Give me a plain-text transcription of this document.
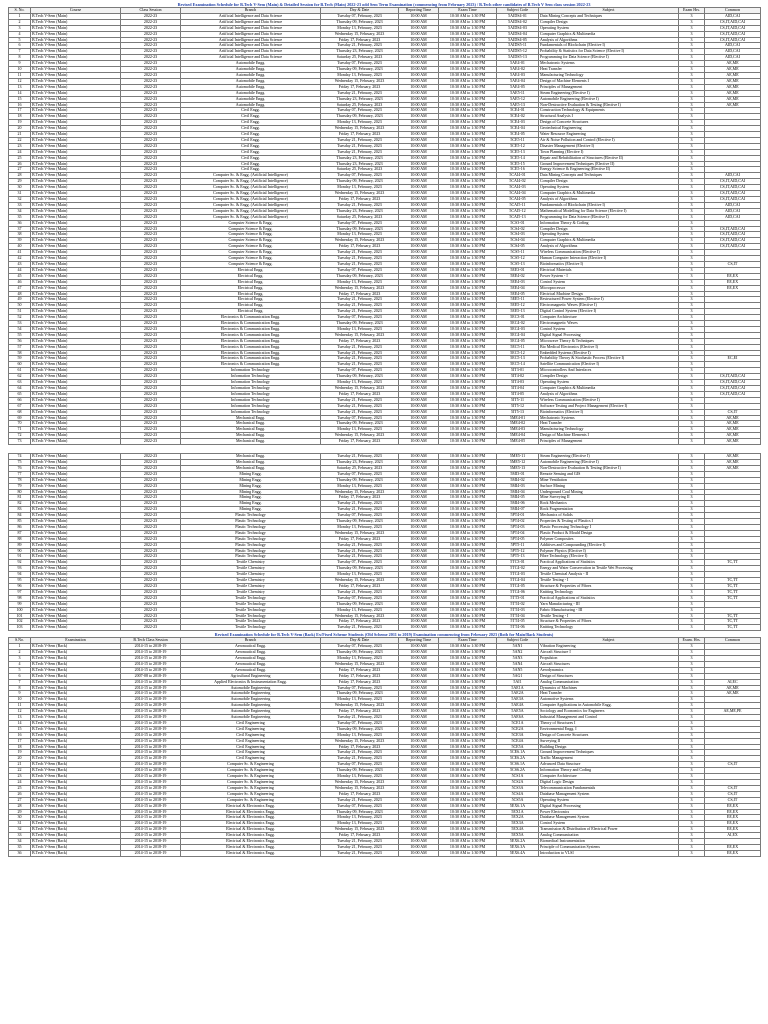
Revised Examination Schedule for B.Tech V-Sem (Main) & Detailed Session for B.Tech (Main) 2022-23 odd Sem Term Examination (commencing from February 2023) / B.Tech other candidates of B.Tech V Sem class session 2022-23
S. No.	Course	Class Session	Branch	Day & Date	Reporting Time	Exam Time	Subject Code	Subject	Exam Hrs.	Common
1	B.Tech V-Sem (Main)	2022-23	Artificial Intelligence and Data Science	Tuesday 07, February, 2023	10:00 AM	10:30 AM to 1:30 PM	5AIDS4-01	Data Mining Concepts and Techniques	3	AID,CAI
2	B.Tech V-Sem (Main)	2022-23	Artificial Intelligence and Data Science	Thursday 09, February, 2023	10:00 AM	10:30 AM to 1:30 PM	5AIDS4-02	Compiler Design	3	CS,IT,AID,CAI
3	B.Tech V-Sem (Main)	2022-23	Artificial Intelligence and Data Science	Monday 13, February, 2023	10:00 AM	10:30 AM to 1:30 PM	5AIDS4-03	Operating System	3	CS,IT,AID,CAI
4	B.Tech V-Sem (Main)	2022-23	Artificial Intelligence and Data Science	Wednesday 15, February, 2023	10:00 AM	10:30 AM to 1:30 PM	5AIDS4-04	Computer Graphics & Multimedia	3	CS,IT,AID,CAI
5	B.Tech V-Sem (Main)	2022-23	Artificial Intelligence and Data Science	Friday 17, February, 2023	10:00 AM	10:30 AM to 1:30 PM	5AIDS4-05	Analysis of Algorithms	3	CS,IT,AID,CAI
6	B.Tech V-Sem (Main)	2022-23	Artificial Intelligence and Data Science	Tuesday 21, February, 2023	10:00 AM	10:30 AM to 1:30 PM	5AIDS5-11	Fundamentals of Blockchain (Elective I)	3	AID,CAI
7	B.Tech V-Sem (Main)	2022-23	Artificial Intelligence and Data Science	Thursday 23, February, 2023	10:00 AM	10:30 AM to 1:30 PM	5AIDS5-12	Probability & Statistics for Data Science (Elective I)	3	AID,CAI
8	B.Tech V-Sem (Main)	2022-23	Artificial Intelligence and Data Science	Saturday 25, February, 2023	10:00 AM	10:30 AM to 1:30 PM	5AIDS5-13	Programming for Data Science (Elective I)	3	AID,CAI
9	B.Tech V-Sem (Main)	2022-23	Automobile Engg.	Tuesday 07, February, 2023	10:00 AM	10:30 AM to 1:30 PM	5AE4-01	Mechatronic Systems	3	AE,ME
10	B.Tech V-Sem (Main)	2022-23	Automobile Engg.	Thursday 09, February, 2023	10:00 AM	10:30 AM to 1:30 PM	5AE4-02	Heat Transfer	3	AE,ME
11	B.Tech V-Sem (Main)	2022-23	Automobile Engg.	Monday 13, February, 2023	10:00 AM	10:30 AM to 1:30 PM	5AE4-03	Manufacturing Technology	3	AE,ME
12	B.Tech V-Sem (Main)	2022-23	Automobile Engg.	Wednesday 15, February, 2023	10:00 AM	10:30 AM to 1:30 PM	5AE4-04	Design of Machine Elements I	3	AE,ME
13	B.Tech V-Sem (Main)	2022-23	Automobile Engg.	Friday 17, February, 2023	10:00 AM	10:30 AM to 1:30 PM	5AE4-05	Principles of Management	3	AE,ME
14	B.Tech V-Sem (Main)	2022-23	Automobile Engg.	Tuesday 21, February, 2023	10:00 AM	10:30 AM to 1:30 PM	5AE5-11	Steam Engineering (Elective I)	3	AE,ME
15	B.Tech V-Sem (Main)	2022-23	Automobile Engg.	Thursday 23, February, 2023	10:00 AM	10:30 AM to 1:30 PM	5AE5-12	Automobile Engineering (Elective I)	3	AE,ME
16	B.Tech V-Sem (Main)	2022-23	Automobile Engg.	Saturday 25, February, 2023	10:00 AM	10:30 AM to 1:30 PM	5AE5-13	Non-Destructive Evaluation & Testing (Elective I)	3	AE,ME
17	B.Tech V-Sem (Main)	2022-23	Civil Engg.	Tuesday 07, February, 2023	10:00 AM	10:30 AM to 1:30 PM	5CE4-01	Construction Technology & Equipments	3	
18	B.Tech V-Sem (Main)	2022-23	Civil Engg.	Thursday 09, February, 2023	10:00 AM	10:30 AM to 1:30 PM	5CE4-02	Structural Analysis I	3	
19	B.Tech V-Sem (Main)	2022-23	Civil Engg.	Monday 13, February, 2023	10:00 AM	10:30 AM to 1:30 PM	5CE4-03	Design of Concrete Structures	3	
20	B.Tech V-Sem (Main)	2022-23	Civil Engg.	Wednesday 15, February, 2023	10:00 AM	10:30 AM to 1:30 PM	5CE4-04	Geotechnical Engineering	3	
21	B.Tech V-Sem (Main)	2022-23	Civil Engg.	Friday 17, February, 2023	10:00 AM	10:30 AM to 1:30 PM	5CE4-05	Water Resource Engineering	3	
22	B.Tech V-Sem (Main)	2022-23	Civil Engg.	Tuesday 21, February, 2023	10:00 AM	10:30 AM to 1:30 PM	5CE5-11	Air & Noise Pollution and Control (Elective I)	3	
23	B.Tech V-Sem (Main)	2022-23	Civil Engg.	Tuesday 21, February, 2023	10:00 AM	10:30 AM to 1:30 PM	5CE5-12	Disaster Management (Elective I)	3	
24	B.Tech V-Sem (Main)	2022-23	Civil Engg.	Tuesday 21, February, 2023	10:00 AM	10:30 AM to 1:30 PM	5CE5-13	Town Planning (Elective I)	3	
25	B.Tech V-Sem (Main)	2022-23	Civil Engg.	Thursday 23, February, 2023	10:00 AM	10:30 AM to 1:30 PM	5CE5-14	Repair and Rehabilitation of Structures (Elective II)	3	
26	B.Tech V-Sem (Main)	2022-23	Civil Engg.	Thursday 23, February, 2023	10:00 AM	10:30 AM to 1:30 PM	5CE5-15	Ground Improvement Techniques (Elective II)	3	
27	B.Tech V-Sem (Main)	2022-23	Civil Engg.	Saturday 25, February, 2023	10:00 AM	10:30 AM to 1:30 PM	5CE5-16	Energy Science & Engineering (Elective II)	3	
28	B.Tech V-Sem (Main)	2022-23	Computer Sc. & Engg. (Artificial Intelligence)	Tuesday 07, February, 2023	10:00 AM	10:30 AM to 1:30 PM	5CAI4-01	Data Mining Concepts and Techniques	3	AID,CAI
29	B.Tech V-Sem (Main)	2022-23	Computer Sc. & Engg. (Artificial Intelligence)	Thursday 09, February, 2023	10:00 AM	10:30 AM to 1:30 PM	5CAI4-02	Compiler Design	3	CS,IT,AID,CAI
30	B.Tech V-Sem (Main)	2022-23	Computer Sc. & Engg. (Artificial Intelligence)	Monday 13, February, 2023	10:00 AM	10:30 AM to 1:30 PM	5CAI4-03	Operating System	3	CS,IT,AID,CAI
31	B.Tech V-Sem (Main)	2022-23	Computer Sc. & Engg. (Artificial Intelligence)	Wednesday 15, February, 2023	10:00 AM	10:30 AM to 1:30 PM	5CAI4-04	Computer Graphics & Multimedia	3	CS,IT,AID,CAI
32	B.Tech V-Sem (Main)	2022-23	Computer Sc. & Engg. (Artificial Intelligence)	Friday 17, February, 2023	10:00 AM	10:30 AM to 1:30 PM	5CAI4-05	Analysis of Algorithms	3	CS,IT,AID,CAI
33	B.Tech V-Sem (Main)	2022-23	Computer Sc. & Engg. (Artificial Intelligence)	Tuesday 21, February, 2023	10:00 AM	10:30 AM to 1:30 PM	5CAI5-11	Fundamentals of Blockchain (Elective I)	3	AID,CAI
34	B.Tech V-Sem (Main)	2022-23	Computer Sc. & Engg. (Artificial Intelligence)	Thursday 23, February, 2023	10:00 AM	10:30 AM to 1:30 PM	5CAI5-12	Mathematical Modelling for Data Science (Elective I)	3	AID,CAI
35	B.Tech V-Sem (Main)	2022-23	Computer Sc. & Engg. (Artificial Intelligence)	Saturday 25, February, 2023	10:00 AM	10:30 AM to 1:30 PM	5CAI5-13	Programming for Data Science (Elective I)	3	AID,CAI
36	B.Tech V-Sem (Main)	2022-23	Computer Science & Engg.	Tuesday 07, February, 2023	10:00 AM	10:30 AM to 1:30 PM	5CS3-01	Information Theory & Coding	3	
37	B.Tech V-Sem (Main)	2022-23	Computer Science & Engg.	Thursday 09, February, 2023	10:00 AM	10:30 AM to 1:30 PM	5CS4-02	Compiler Design	3	CS,IT,AID,CAI
38	B.Tech V-Sem (Main)	2022-23	Computer Science & Engg.	Monday 13, February, 2023	10:00 AM	10:30 AM to 1:30 PM	5CS4-03	Operating System	3	CS,IT,AID,CAI
39	B.Tech V-Sem (Main)	2022-23	Computer Science & Engg.	Wednesday 15, February, 2023	10:00 AM	10:30 AM to 1:30 PM	5CS4-04	Computer Graphics & Multimedia	3	CS,IT,AID,CAI
40	B.Tech V-Sem (Main)	2022-23	Computer Science & Engg.	Friday 17, February, 2023	10:00 AM	10:30 AM to 1:30 PM	5CS4-05	Analysis of Algorithms	3	CS,IT,AID,CAI
41	B.Tech V-Sem (Main)	2022-23	Computer Science & Engg.	Tuesday 21, February, 2023	10:00 AM	10:30 AM to 1:30 PM	5CS5-11	Wireless Communication (Elective I)	3	
42	B.Tech V-Sem (Main)	2022-23	Computer Science & Engg.	Tuesday 21, February, 2023	10:00 AM	10:30 AM to 1:30 PM	5CS5-12	Human Computer Interaction (Elective I)	3	
43	B.Tech V-Sem (Main)	2022-23	Computer Science & Engg.	Tuesday 21, February, 2023	10:00 AM	10:30 AM to 1:30 PM	5CS5-13	Bioinformatics (Elective I)	3	CS,IT
44	B.Tech V-Sem (Main)	2022-23	Electrical Engg.	Tuesday 07, February, 2023	10:00 AM	10:30 AM to 1:30 PM	5EE3-01	Electrical Materials	3	
45	B.Tech V-Sem (Main)	2022-23	Electrical Engg.	Thursday 09, February, 2023	10:00 AM	10:30 AM to 1:30 PM	5EE4-02	Power System - I	3	EE,EX
46	B.Tech V-Sem (Main)	2022-23	Electrical Engg.	Monday 13, February, 2023	10:00 AM	10:30 AM to 1:30 PM	5EE4-03	Control System	3	EE,EX
47	B.Tech V-Sem (Main)	2022-23	Electrical Engg.	Wednesday 15, February, 2023	10:00 AM	10:30 AM to 1:30 PM	5EE4-04	Microprocessor	3	EE,EX
48	B.Tech V-Sem (Main)	2022-23	Electrical Engg.	Friday 17, February, 2023	10:00 AM	10:30 AM to 1:30 PM	5EE4-05	Electrical Machine Design	3	
49	B.Tech V-Sem (Main)	2022-23	Electrical Engg.	Tuesday 21, February, 2023	10:00 AM	10:30 AM to 1:30 PM	5EE5-11	Restructured Power System (Elective I)	3	
50	B.Tech V-Sem (Main)	2022-23	Electrical Engg.	Tuesday 21, February, 2023	10:00 AM	10:30 AM to 1:30 PM	5EE5-12	Electromagnetic Waves (Elective I)	3	
51	B.Tech V-Sem (Main)	2022-23	Electrical Engg.	Tuesday 21, February, 2023	10:00 AM	10:30 AM to 1:30 PM	5EE5-13	Digital Control System (Elective I)	3	
52	B.Tech V-Sem (Main)	2022-23	Electronics & Communication Engg.	Tuesday 07, February, 2023	10:00 AM	10:30 AM to 1:30 PM	5EC3-01	Computer Architecture	3	
53	B.Tech V-Sem (Main)	2022-23	Electronics & Communication Engg.	Thursday 09, February, 2023	10:00 AM	10:30 AM to 1:30 PM	5EC4-02	Electromagnetic Waves	3	
54	B.Tech V-Sem (Main)	2022-23	Electronics & Communication Engg.	Monday 13, February, 2023	10:00 AM	10:30 AM to 1:30 PM	5EC4-03	Control System	3	
55	B.Tech V-Sem (Main)	2022-23	Electronics & Communication Engg.	Wednesday 15, February, 2023	10:00 AM	10:30 AM to 1:30 PM	5EC4-04	Digital Signal Processing	3	
56	B.Tech V-Sem (Main)	2022-23	Electronics & Communication Engg.	Friday 17, February, 2023	10:00 AM	10:30 AM to 1:30 PM	5EC4-05	Microwave Theory & Techniques	3	
57	B.Tech V-Sem (Main)	2022-23	Electronics & Communication Engg.	Tuesday 21, February, 2023	10:00 AM	10:30 AM to 1:30 PM	5EC5-11	Bio Medical Electronics (Elective I)	3	
58	B.Tech V-Sem (Main)	2022-23	Electronics & Communication Engg.	Tuesday 21, February, 2023	10:00 AM	10:30 AM to 1:30 PM	5EC5-12	Embedded Systems (Elective I)	3	
59	B.Tech V-Sem (Main)	2022-23	Electronics & Communication Engg.	Tuesday 21, February, 2023	10:00 AM	10:30 AM to 1:30 PM	5EC5-13	Probability Theory & Stochastic Process (Elective I)	3	EC,EI
60	B.Tech V-Sem (Main)	2022-23	Electronics & Communication Engg.	Tuesday 21, February, 2023	10:00 AM	10:30 AM to 1:30 PM	5EC5-14	Satellite Communication (Elective I)	3	
61	B.Tech V-Sem (Main)	2022-23	Information Technology	Tuesday 07, February, 2023	10:00 AM	10:30 AM to 1:30 PM	5IT3-01	Microcontrollers And Interfaces	3	
62	B.Tech V-Sem (Main)	2022-23	Information Technology	Thursday 09, February, 2023	10:00 AM	10:30 AM to 1:30 PM	5IT4-02	Compiler Design	3	CS,IT,AID,CAI
63	B.Tech V-Sem (Main)	2022-23	Information Technology	Monday 13, February, 2023	10:00 AM	10:30 AM to 1:30 PM	5IT4-03	Operating System	3	CS,IT,AID,CAI
64	B.Tech V-Sem (Main)	2022-23	Information Technology	Wednesday 15, February, 2023	10:00 AM	10:30 AM to 1:30 PM	5IT4-04	Computer Graphics & Multimedia	3	CS,IT,AID,CAI
65	B.Tech V-Sem (Main)	2022-23	Information Technology	Friday 17, February, 2023	10:00 AM	10:30 AM to 1:30 PM	5IT4-05	Analysis of Algorithms	3	CS,IT,AID,CAI
66	B.Tech V-Sem (Main)	2022-23	Information Technology	Tuesday 21, February, 2023	10:00 AM	10:30 AM to 1:30 PM	5IT5-11	Wireless Communication (Elective I)	3	
67	B.Tech V-Sem (Main)	2022-23	Information Technology	Tuesday 21, February, 2023	10:00 AM	10:30 AM to 1:30 PM	5IT5-12	Software Testing and Project Management (Elective I)	3	
68	B.Tech V-Sem (Main)	2022-23	Information Technology	Tuesday 21, February, 2023	10:00 AM	10:30 AM to 1:30 PM	5IT5-13	Bioinformatics (Elective I)	3	CS,IT
69	B.Tech V-Sem (Main)	2022-23	Mechanical Engg.	Tuesday 07, February, 2023	10:00 AM	10:30 AM to 1:30 PM	5ME4-01	Mechatronic Systems	3	AE,ME
70	B.Tech V-Sem (Main)	2022-23	Mechanical Engg.	Thursday 09, February, 2023	10:00 AM	10:30 AM to 1:30 PM	5ME4-02	Heat Transfer	3	AE,ME
71	B.Tech V-Sem (Main)	2022-23	Mechanical Engg.	Monday 13, February, 2023	10:00 AM	10:30 AM to 1:30 PM	5ME4-03	Manufacturing Technology	3	AE,ME
72	B.Tech V-Sem (Main)	2022-23	Mechanical Engg.	Wednesday 15, February, 2023	10:00 AM	10:30 AM to 1:30 PM	5ME4-04	Design of Machine Elements I	3	AE,ME
73	B.Tech V-Sem (Main)	2022-23	Mechanical Engg.	Friday 17, February, 2023	10:00 AM	10:30 AM to 1:30 PM	5ME4-05	Principles of Management	3	AE,ME
74	B.Tech V-Sem (Main)	2022-23	Mechanical Engg.	Tuesday 21, February, 2023	10:00 AM	10:30 AM to 1:30 PM	5ME5-11	Steam Engineering (Elective I)	3	AE,ME
75	B.Tech V-Sem (Main)	2022-23	Mechanical Engg.	Thursday 23, February, 2023	10:00 AM	10:30 AM to 1:30 PM	5ME5-12	Automobile Engineering (Elective I)	3	AE,ME
76	B.Tech V-Sem (Main)	2022-23	Mechanical Engg.	Saturday 25, February, 2023	10:00 AM	10:30 AM to 1:30 PM	5ME5-13	Non-Destructive Evaluation & Testing (Elective I)	3	AE,ME
77	B.Tech V-Sem (Main)	2022-23	Mining Engg.	Tuesday 07, February, 2023	10:00 AM	10:30 AM to 1:30 PM	5MI3-01	Remote Sensing and GIS	3	
78	B.Tech V-Sem (Main)	2022-23	Mining Engg.	Thursday 09, February, 2023	10:00 AM	10:30 AM to 1:30 PM	5MI4-02	Mine Ventilation	3	
79	B.Tech V-Sem (Main)	2022-23	Mining Engg.	Monday 13, February, 2023	10:00 AM	10:30 AM to 1:30 PM	5MI4-03	Surface Mining	3	
80	B.Tech V-Sem (Main)	2022-23	Mining Engg.	Wednesday 15, February, 2023	10:00 AM	10:30 AM to 1:30 PM	5MI4-04	Underground Coal Mining	3	
81	B.Tech V-Sem (Main)	2022-23	Mining Engg.	Friday 17, February, 2023	10:00 AM	10:30 AM to 1:30 PM	5MI4-05	Mine Surveying II	3	
82	B.Tech V-Sem (Main)	2022-23	Mining Engg.	Tuesday 21, February, 2023	10:00 AM	10:30 AM to 1:30 PM	5MI4-06	Rock Mechanics	3	
83	B.Tech V-Sem (Main)	2022-23	Mining Engg.	Tuesday 21, February, 2023	10:00 AM	10:30 AM to 1:30 PM	5MI4-07	Rock Fragmentation	3	
84	B.Tech V-Sem (Main)	2022-23	Plastic Technology	Tuesday 07, February, 2023	10:00 AM	10:30 AM to 1:30 PM	5PT4-01	Mechanics of Solids	3	
85	B.Tech V-Sem (Main)	2022-23	Plastic Technology	Thursday 09, February, 2023	10:00 AM	10:30 AM to 1:30 PM	5PT4-02	Properties & Testing of Plastics I	3	
86	B.Tech V-Sem (Main)	2022-23	Plastic Technology	Monday 13, February, 2023	10:00 AM	10:30 AM to 1:30 PM	5PT4-03	Plastic Processing Technology I	3	
87	B.Tech V-Sem (Main)	2022-23	Plastic Technology	Wednesday 15, February, 2023	10:00 AM	10:30 AM to 1:30 PM	5PT4-04	Plastic Product & Mould Design	3	
88	B.Tech V-Sem (Main)	2022-23	Plastic Technology	Friday 17, February, 2023	10:00 AM	10:30 AM to 1:30 PM	5PT4-05	Polymer Composites	3	
89	B.Tech V-Sem (Main)	2022-23	Plastic Technology	Tuesday 21, February, 2023	10:00 AM	10:30 AM to 1:30 PM	5PT5-11	Additives and Compounding (Elective I)	3	
90	B.Tech V-Sem (Main)	2022-23	Plastic Technology	Tuesday 21, February, 2023	10:00 AM	10:30 AM to 1:30 PM	5PT5-12	Polymer Physics (Elective I)	3	
91	B.Tech V-Sem (Main)	2022-23	Plastic Technology	Tuesday 21, February, 2023	10:00 AM	10:30 AM to 1:30 PM	5PT5-13	Fibre Technology (Elective I)	3	
92	B.Tech V-Sem (Main)	2022-23	Textile Chemistry	Tuesday 07, February, 2023	10:00 AM	10:30 AM to 1:30 PM	5TC3-01	Practical Applications of Statistics	3	TC,TT
93	B.Tech V-Sem (Main)	2022-23	Textile Chemistry	Thursday 09, February, 2023	10:00 AM	10:30 AM to 1:30 PM	5TC4-02	Energy and Water Conservation in Textile Wet Processing	3	
94	B.Tech V-Sem (Main)	2022-23	Textile Chemistry	Monday 13, February, 2023	10:00 AM	10:30 AM to 1:30 PM	5TC4-03	Textile Chemical Analysis - II	3	
95	B.Tech V-Sem (Main)	2022-23	Textile Chemistry	Wednesday 15, February, 2023	10:00 AM	10:30 AM to 1:30 PM	5TC4-04	Textile Testing - I	3	TC,TT
96	B.Tech V-Sem (Main)	2022-23	Textile Chemistry	Friday 17, February, 2023	10:00 AM	10:30 AM to 1:30 PM	5TC4-05	Structure & Properties of Fibres	3	TC,TT
97	B.Tech V-Sem (Main)	2022-23	Textile Chemistry	Tuesday 21, February, 2023	10:00 AM	10:30 AM to 1:30 PM	5TC4-06	Knitting Technology	3	TC,TT
98	B.Tech V-Sem (Main)	2022-23	Textile Technology	Tuesday 07, February, 2023	10:00 AM	10:30 AM to 1:30 PM	5TT3-01	Practical Applications of Statistics	3	TC,TT
99	B.Tech V-Sem (Main)	2022-23	Textile Technology	Thursday 09, February, 2023	10:00 AM	10:30 AM to 1:30 PM	5TT4-02	Yarn Manufacturing - III	3	
100	B.Tech V-Sem (Main)	2022-23	Textile Technology	Monday 13, February, 2023	10:00 AM	10:30 AM to 1:30 PM	5TT4-03	Fabric Manufacturing - III	3	
101	B.Tech V-Sem (Main)	2022-23	Textile Technology	Wednesday 15, February, 2023	10:00 AM	10:30 AM to 1:30 PM	5TT4-04	Textile Testing - I	3	TC,TT
102	B.Tech V-Sem (Main)	2022-23	Textile Technology	Friday 17, February, 2023	10:00 AM	10:30 AM to 1:30 PM	5TT4-05	Structure & Properties of Fibres	3	TC,TT
103	B.Tech V-Sem (Main)	2022-23	Textile Technology	Tuesday 21, February, 2023	10:00 AM	10:30 AM to 1:30 PM	5TT4-06	Knitting Technology	3	TC,TT
Revised Examination Schedule for B.Tech V-Sem (Back) Ex/Fixed Scheme Students (Old Scheme 2011 to 2019) Examination commencing from February 2023 (Both for Main/Back Students)
S.No.	Examination	B.Tech Class Session	Branch	Day & Date	Reporting Time	Exam Time	Subject Code	Subject	Exam. Hrs.	Common
1	B.Tech V-Sem (Back)	2014-15 to 2018-19	Aeronautical Engg.	Tuesday 07, February, 2023	10:00 AM	10:30 AM to 1:30 PM	5AN1	Vibration Engineering	3	
2	B.Tech V-Sem (Back)	2014-15 to 2018-19	Aeronautical Engg.	Thursday 09, February, 2023	10:00 AM	10:30 AM to 1:30 PM	5AN2	Aircraft Structure I	3	
3	B.Tech V-Sem (Back)	2014-15 to 2018-19	Aeronautical Engg.	Monday 13, February, 2023	10:00 AM	10:30 AM to 1:30 PM	5AN3	Propulsion	3	
4	B.Tech V-Sem (Back)	2014-15 to 2018-19	Aeronautical Engg.	Wednesday 15, February, 2023	10:00 AM	10:30 AM to 1:30 PM	5AN4	Aircraft Structures	3	
5	B.Tech V-Sem (Back)	2014-15 to 2018-19	Aeronautical Engg.	Friday 17, February, 2023	10:00 AM	10:30 AM to 1:30 PM	5AN5	Aerodynamics	3	
6	B.Tech V-Sem (Back)	2007-08 to 2018-19	Agricultural Engineering	Friday 17, February, 2023	10:00 AM	10:30 AM to 1:30 PM	5AG1	Design of Structures	3	
7	B.Tech V-Sem (Back)	2014-15 to 2018-19	Applied Electronics & Instrumentation Engg.	Friday 17, February, 2023	10:00 AM	10:30 AM to 1:30 PM	5AI1	Analog Communication	3	AI,EC
8	B.Tech V-Sem (Back)	2014-15 to 2018-19	Automobile Engineering	Tuesday 07, February, 2023	10:00 AM	10:30 AM to 1:30 PM	5AE1A	Dynamics of Machines	3	AE,ME
9	B.Tech V-Sem (Back)	2014-15 to 2018-19	Automobile Engineering	Thursday 09, February, 2023	10:00 AM	10:30 AM to 1:30 PM	5AE2A	Heat Transfer	3	AE,ME
10	B.Tech V-Sem (Back)	2014-15 to 2018-19	Automobile Engineering	Monday 13, February, 2023	10:00 AM	10:30 AM to 1:30 PM	5AE3A	Automotive Systems	3	
11	B.Tech V-Sem (Back)	2014-15 to 2018-19	Automobile Engineering	Wednesday 15, February, 2023	10:00 AM	10:30 AM to 1:30 PM	5AE4A	Computer Applications in Automobile Engg.	3	
12	B.Tech V-Sem (Back)	2014-15 to 2018-19	Automobile Engineering	Friday 17, February, 2023	10:00 AM	10:30 AM to 1:30 PM	5AE5A	Sociology and Economics for Engineers	3	AE,ME,PE
13	B.Tech V-Sem (Back)	2014-15 to 2018-19	Automobile Engineering	Tuesday 21, February, 2023	10:00 AM	10:30 AM to 1:30 PM	5AE6A	Industrial Management and Control	3	
14	B.Tech V-Sem (Back)	2014-15 to 2018-19	Civil Engineering	Tuesday 07, February, 2023	10:00 AM	10:30 AM to 1:30 PM	5CE1A	Theory of Structures I	3	
15	B.Tech V-Sem (Back)	2014-15 to 2018-19	Civil Engineering	Thursday 09, February, 2023	10:00 AM	10:30 AM to 1:30 PM	5CE2A	Environmental Engg. I	3	
16	B.Tech V-Sem (Back)	2014-15 to 2018-19	Civil Engineering	Monday 13, February, 2023	10:00 AM	10:30 AM to 1:30 PM	5CE3A	Design of Concrete Structures	3	
17	B.Tech V-Sem (Back)	2014-15 to 2018-19	Civil Engineering	Wednesday 15, February, 2023	10:00 AM	10:30 AM to 1:30 PM	5CE4A	Surveying II	3	
18	B.Tech V-Sem (Back)	2014-15 to 2018-19	Civil Engineering	Friday 17, February, 2023	10:00 AM	10:30 AM to 1:30 PM	5CE5A	Building Design	3	
19	B.Tech V-Sem (Back)	2014-15 to 2018-19	Civil Engineering	Tuesday 21, February, 2023	10:00 AM	10:30 AM to 1:30 PM	5CE6.1A	Ground Improvement Techniques	3	
20	B.Tech V-Sem (Back)	2014-15 to 2018-19	Civil Engineering	Tuesday 21, February, 2023	10:00 AM	10:30 AM to 1:30 PM	5CE6.2A	Traffic Management	3	
21	B.Tech V-Sem (Back)	2014-15 to 2018-19	Computer Sc. & Engineering	Tuesday 07, February, 2023	10:00 AM	10:30 AM to 1:30 PM	5CS6.1A	Advanced Data Structure	3	CS,IT
22	B.Tech V-Sem (Back)	2014-15 to 2018-19	Computer Sc. & Engineering	Thursday 09, February, 2023	10:00 AM	10:30 AM to 1:30 PM	5CS6.2A	Information Theory and Coding	3	
23	B.Tech V-Sem (Back)	2014-15 to 2018-19	Computer Sc. & Engineering	Monday 13, February, 2023	10:00 AM	10:30 AM to 1:30 PM	5CS1A	Computer Architecture	3	
24	B.Tech V-Sem (Back)	2014-15 to 2018-19	Computer Sc. & Engineering	Wednesday 15, February, 2023	10:00 AM	10:30 AM to 1:30 PM	5CS2A	Digital Logic Design	3	
25	B.Tech V-Sem (Back)	2014-15 to 2018-19	Computer Sc. & Engineering	Wednesday 15, February, 2023	10:00 AM	10:30 AM to 1:30 PM	5CS3A	Telecommunication Fundamentals	3	CS,IT
26	B.Tech V-Sem (Back)	2014-15 to 2018-19	Computer Sc. & Engineering	Friday 17, February, 2023	10:00 AM	10:30 AM to 1:30 PM	5CS4A	Database Management System	3	CS,IT
27	B.Tech V-Sem (Back)	2014-15 to 2018-19	Computer Sc. & Engineering	Tuesday 21, February, 2023	10:00 AM	10:30 AM to 1:30 PM	5CS5A	Operating System	3	CS,IT
28	B.Tech V-Sem (Back)	2014-15 to 2018-19	Electrical & Electronics Engg.	Tuesday 07, February, 2023	10:00 AM	10:30 AM to 1:30 PM	5EX6.1A	Digital Signal Processing	3	EE,EX
29	B.Tech V-Sem (Back)	2014-15 to 2018-19	Electrical & Electronics Engg.	Thursday 09, February, 2023	10:00 AM	10:30 AM to 1:30 PM	5EX1A	Power Electronics	3	EE,EX
30	B.Tech V-Sem (Back)	2014-15 to 2018-19	Electrical & Electronics Engg.	Monday 13, February, 2023	10:00 AM	10:30 AM to 1:30 PM	5EX2A	Database Management System	3	EE,EX
31	B.Tech V-Sem (Back)	2014-15 to 2018-19	Electrical & Electronics Engg.	Monday 13, February, 2023	10:00 AM	10:30 AM to 1:30 PM	5EX3A	Control System	3	EE,EX
32	B.Tech V-Sem (Back)	2014-15 to 2018-19	Electrical & Electronics Engg.	Wednesday 15, February, 2023	10:00 AM	10:30 AM to 1:30 PM	5EX4A	Transmission & Distribution of Electrical Power	3	EE,EX
33	B.Tech V-Sem (Back)	2014-15 to 2018-19	Electrical & Electronics Engg.	Friday 17, February, 2023	10:00 AM	10:30 AM to 1:30 PM	5EX5A	Analog Communication	3	AI,EX
34	B.Tech V-Sem (Back)	2014-15 to 2018-19	Electrical & Electronics Engg.	Tuesday 21, February, 2023	10:00 AM	10:30 AM to 1:30 PM	5EX6.2A	Biomedical Instrumentation	3	
35	B.Tech V-Sem (Back)	2014-15 to 2018-19	Electrical & Electronics Engg.	Tuesday 21, February, 2023	10:00 AM	10:30 AM to 1:30 PM	5EX6.3A	Principle of Communication Systems	3	EE,EX
36	B.Tech V-Sem (Back)	2014-15 to 2018-19	Electrical & Electronics Engg.	Tuesday 21, February, 2023	10:00 AM	10:30 AM to 1:30 PM	5EX6.4A	Introduction to VLSI	3	EE,EX
